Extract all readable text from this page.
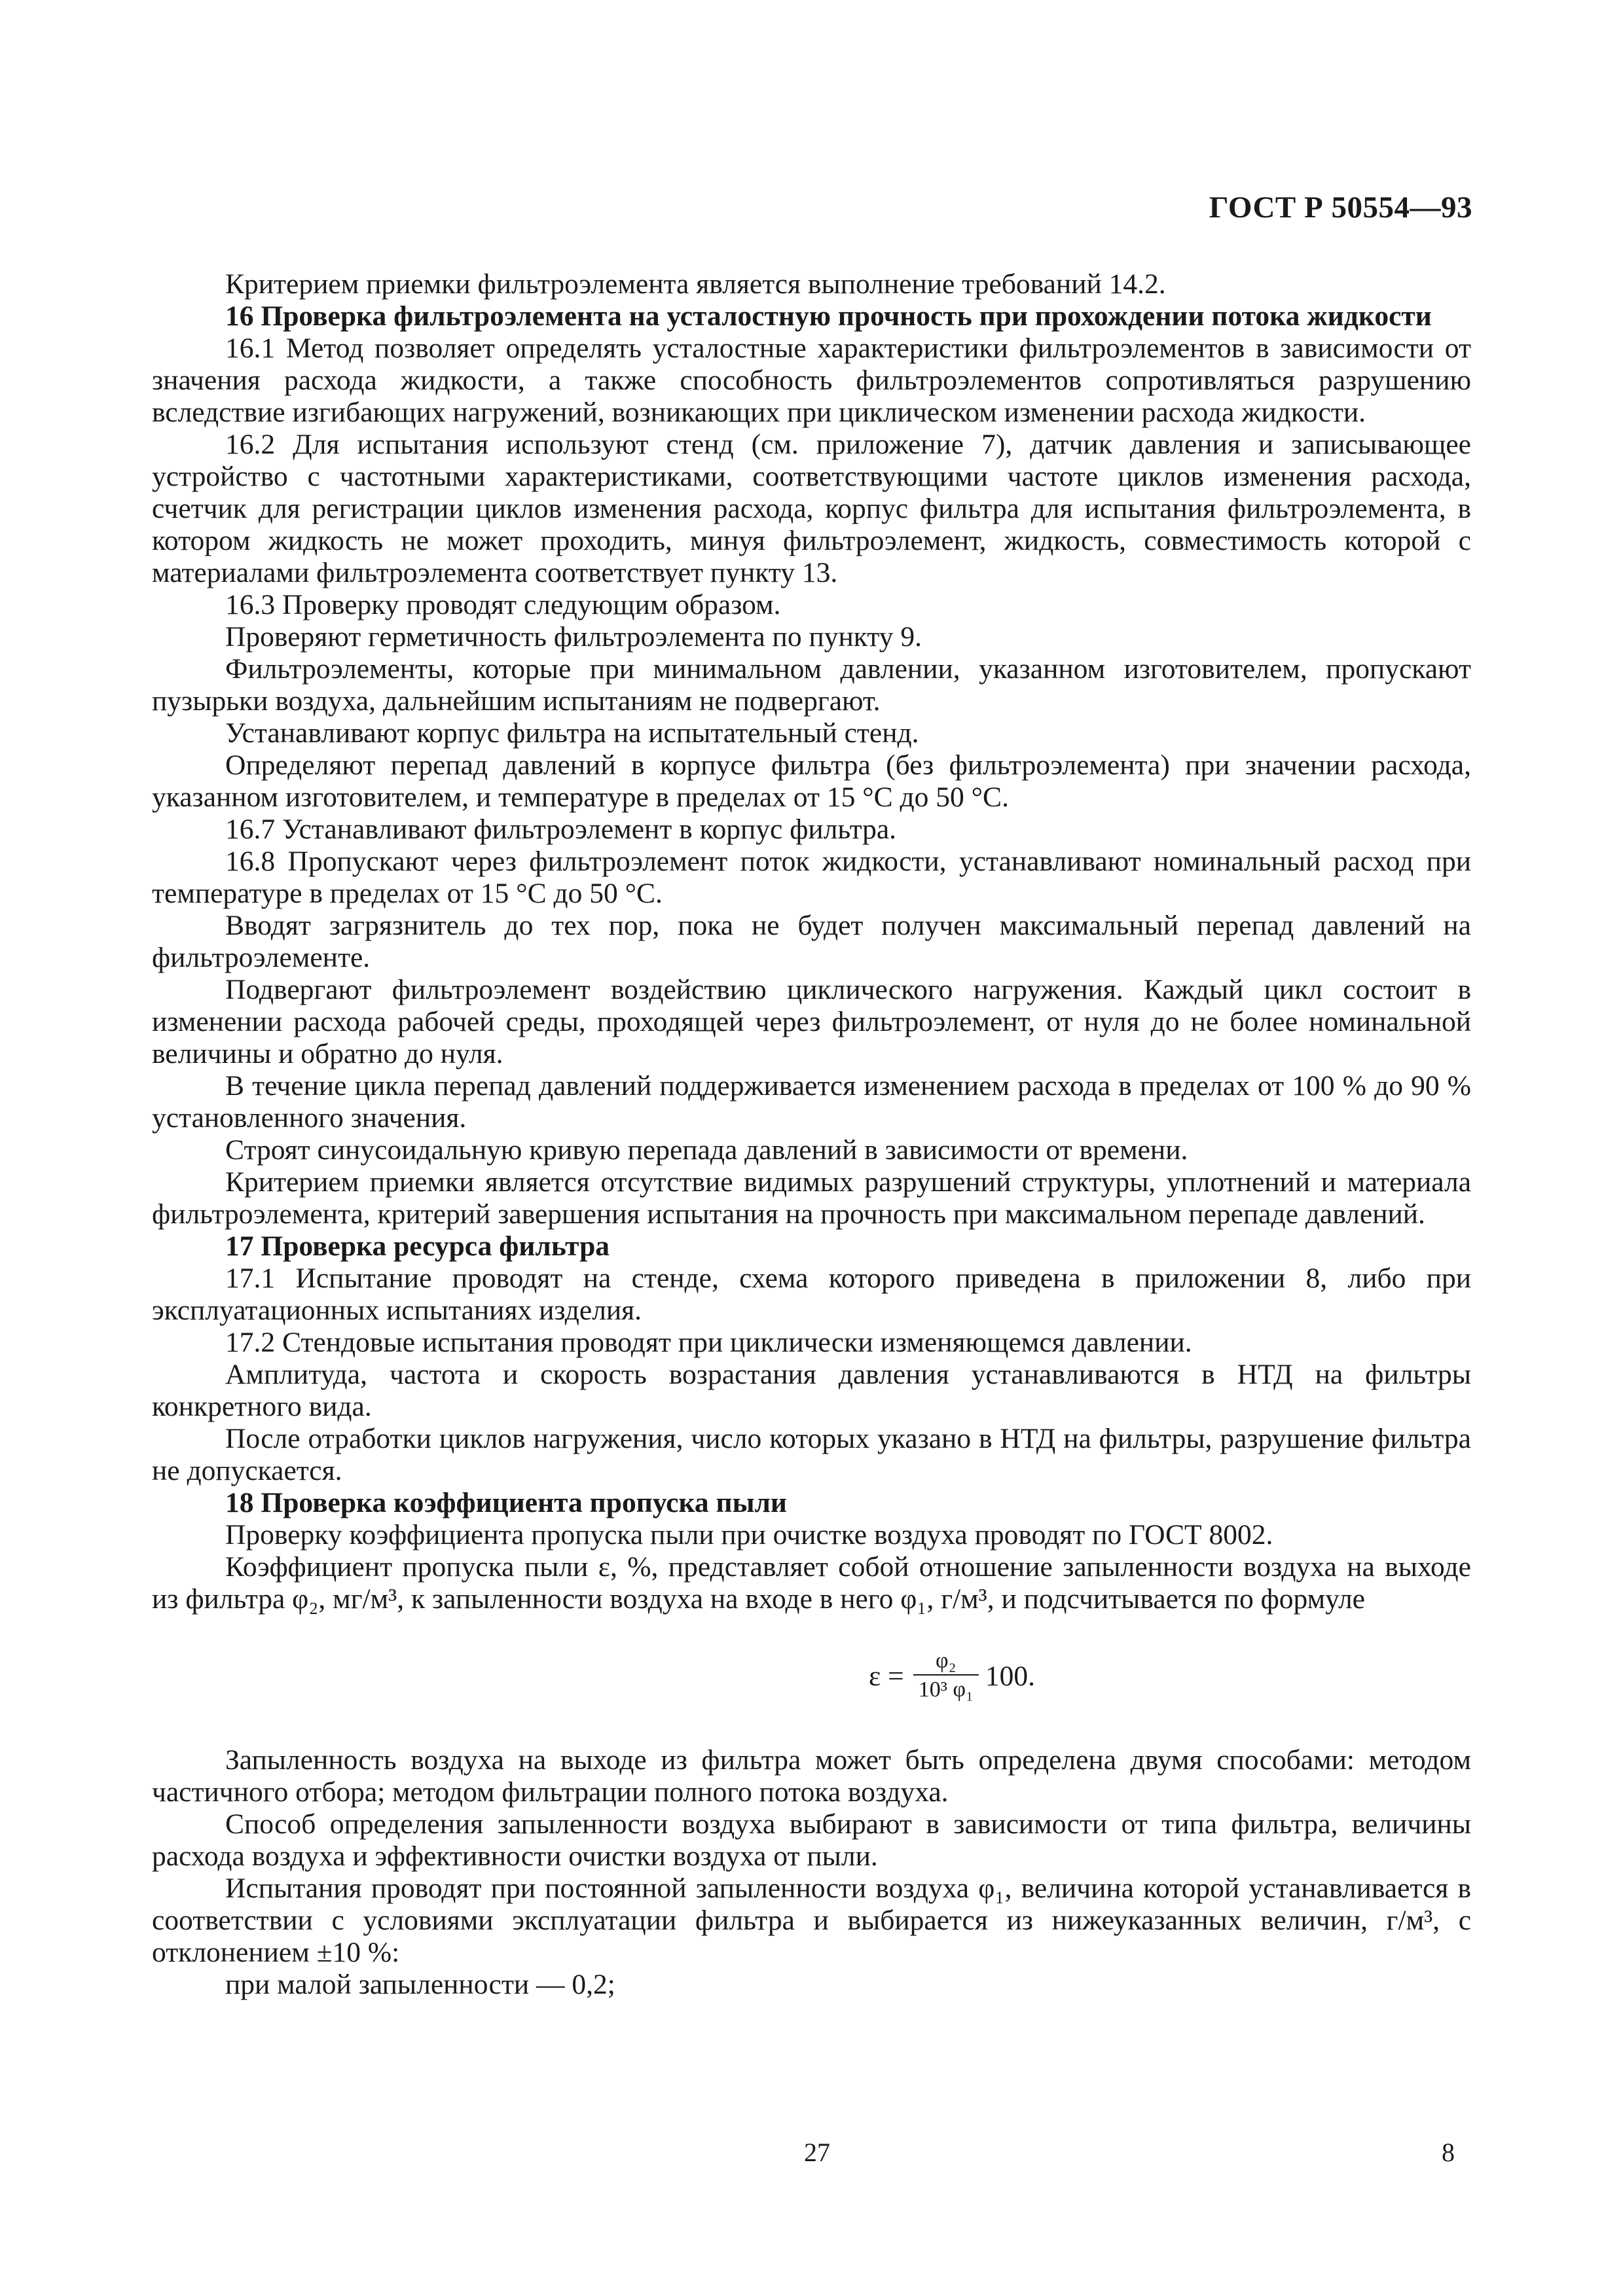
ГОСТ Р 50554—93

Критерием приемки фильтроэлемента является выполнение требований 14.2.

16 Проверка фильтроэлемента на усталостную прочность при прохождении потока жидкости

16.1 Метод позволяет определять усталостные характеристики фильтроэлементов в зависимости от значения расхода жидкости, а также способность фильтроэлементов сопротивляться разрушению вследствие изгибающих нагружений, возникающих при циклическом изменении расхода жидкости.

16.2 Для испытания используют стенд (см. приложение 7), датчик давления и записывающее устройство с частотными характеристиками, соответствующими частоте циклов изменения расхода, счетчик для регистрации циклов изменения расхода, корпус фильтра для испытания фильтроэлемента, в котором жидкость не может проходить, минуя фильтроэлемент, жидкость, совместимость которой с материалами фильтроэлемента соответствует пункту 13.

16.3 Проверку проводят следующим образом.

Проверяют герметичность фильтроэлемента по пункту 9.

Фильтроэлементы, которые при минимальном давлении, указанном изготовителем, пропускают пузырьки воздуха, дальнейшим испытаниям не подвергают.

Устанавливают корпус фильтра на испытательный стенд.

Определяют перепад давлений в корпусе фильтра (без фильтроэлемента) при значении расхода, указанном изготовителем, и температуре в пределах от 15 °С до 50 °С.

16.7 Устанавливают фильтроэлемент в корпус фильтра.

16.8 Пропускают через фильтроэлемент поток жидкости, устанавливают номинальный расход при температуре в пределах от 15 °С до 50 °С.

Вводят загрязнитель до тех пор, пока не будет получен максимальный перепад давлений на фильтроэлементе.

Подвергают фильтроэлемент воздействию циклического нагружения. Каждый цикл состоит в изменении расхода рабочей среды, проходящей через фильтроэлемент, от нуля до не более номинальной величины и обратно до нуля.

В течение цикла перепад давлений поддерживается изменением расхода в пределах от 100 % до 90 % установленного значения.

Строят синусоидальную кривую перепада давлений в зависимости от времени.

Критерием приемки является отсутствие видимых разрушений структуры, уплотнений и материала фильтроэлемента, критерий завершения испытания на прочность при максимальном перепаде давлений.

17 Проверка ресурса фильтра

17.1 Испытание проводят на стенде, схема которого приведена в приложении 8, либо при эксплуатационных испытаниях изделия.

17.2 Стендовые испытания проводят при циклически изменяющемся давлении.

Амплитуда, частота и скорость возрастания давления устанавливаются в НТД на фильтры конкретного вида.

После отработки циклов нагружения, число которых указано в НТД на фильтры, разрушение фильтра не допускается.

18 Проверка коэффициента пропуска пыли

Проверку коэффициента пропуска пыли при очистке воздуха проводят по ГОСТ 8002.

Коэффициент пропуска пыли ε, %, представляет собой отношение запыленности воздуха на выходе из фильтра φ₂, мг/м³, к запыленности воздуха на входе в него φ₁, г/м³, и подсчитывается по формуле

$\varepsilon = \frac{\text{φ₂}}{\text{10³ φ₁}} 100$.

Запыленность воздуха на выходе из фильтра может быть определена двумя способами: методом частичного отбора; методом фильтрации полного потока воздуха.

Способ определения запыленности воздуха выбирают в зависимости от типа фильтра, величины расхода воздуха и эффективности очистки воздуха от пыли.

Испытания проводят при постоянной запыленности воздуха φ₁, величина которой устанавливается в соответствии с условиями эксплуатации фильтра и выбирается из нижеуказанных величин, г/м³, с отклонением ±10 %:

при малой запыленности — 0,2;

27	8
